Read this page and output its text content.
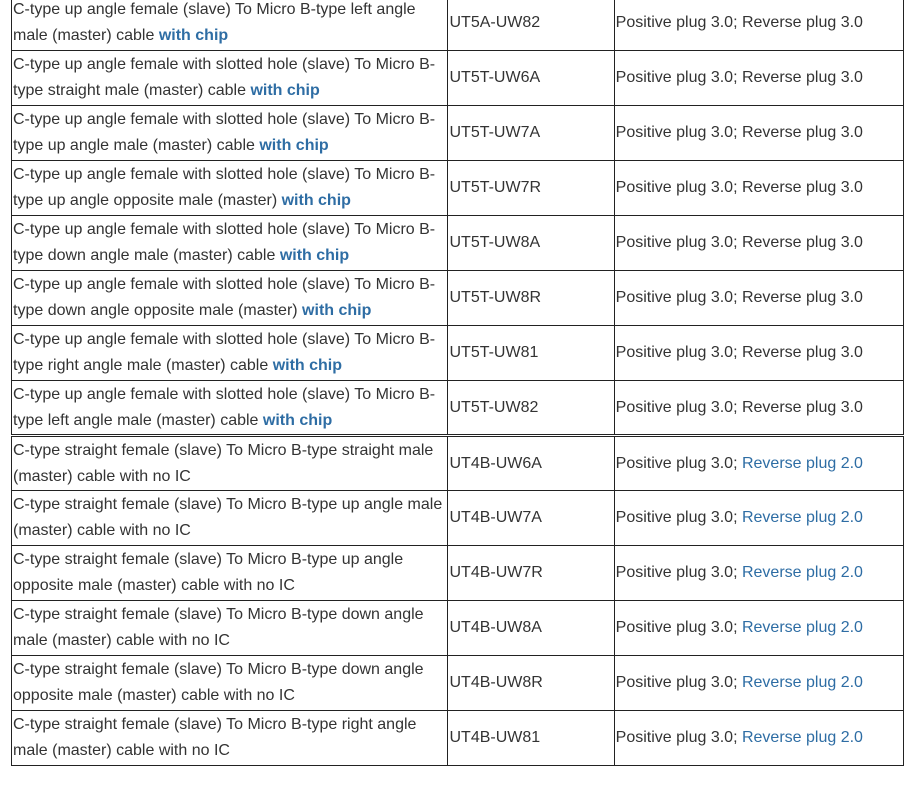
C-type up angle female (slave) To Micro B-type left angle male (master) cable with chip	UT5A-UW82	Positive plug 3.0; Reverse plug 3.0
C-type up angle female with slotted hole (slave) To Micro B-type straight male (master) cable with chip	UT5T-UW6A	Positive plug 3.0; Reverse plug 3.0
C-type up angle female with slotted hole (slave) To Micro B-type up angle male (master) cable with chip	UT5T-UW7A	Positive plug 3.0; Reverse plug 3.0
C-type up angle female with slotted hole (slave) To Micro B-type up angle opposite male (master) with chip	UT5T-UW7R	Positive plug 3.0; Reverse plug 3.0
C-type up angle female with slotted hole (slave) To Micro B-type down angle male (master) cable with chip	UT5T-UW8A	Positive plug 3.0; Reverse plug 3.0
C-type up angle female with slotted hole (slave) To Micro B-type down angle opposite male (master) with chip	UT5T-UW8R	Positive plug 3.0; Reverse plug 3.0
C-type up angle female with slotted hole (slave) To Micro B-type right angle male (master) cable with chip	UT5T-UW81	Positive plug 3.0; Reverse plug 3.0
C-type up angle female with slotted hole (slave) To Micro B-type left angle male (master) cable with chip	UT5T-UW82	Positive plug 3.0; Reverse plug 3.0
C-type straight female (slave) To Micro B-type straight male (master) cable with no IC	UT4B-UW6A	Positive plug 3.0; Reverse plug 2.0
C-type straight female (slave) To Micro B-type up angle male (master) cable with no IC	UT4B-UW7A	Positive plug 3.0; Reverse plug 2.0
C-type straight female (slave) To Micro B-type up angle opposite male (master) cable with no IC	UT4B-UW7R	Positive plug 3.0; Reverse plug 2.0
C-type straight female (slave) To Micro B-type down angle male (master) cable with no IC	UT4B-UW8A	Positive plug 3.0; Reverse plug 2.0
C-type straight female (slave) To Micro B-type down angle opposite male (master) cable with no IC	UT4B-UW8R	Positive plug 3.0; Reverse plug 2.0
C-type straight female (slave) To Micro B-type right angle male (master) cable with no IC	UT4B-UW81	Positive plug 3.0; Reverse plug 2.0
